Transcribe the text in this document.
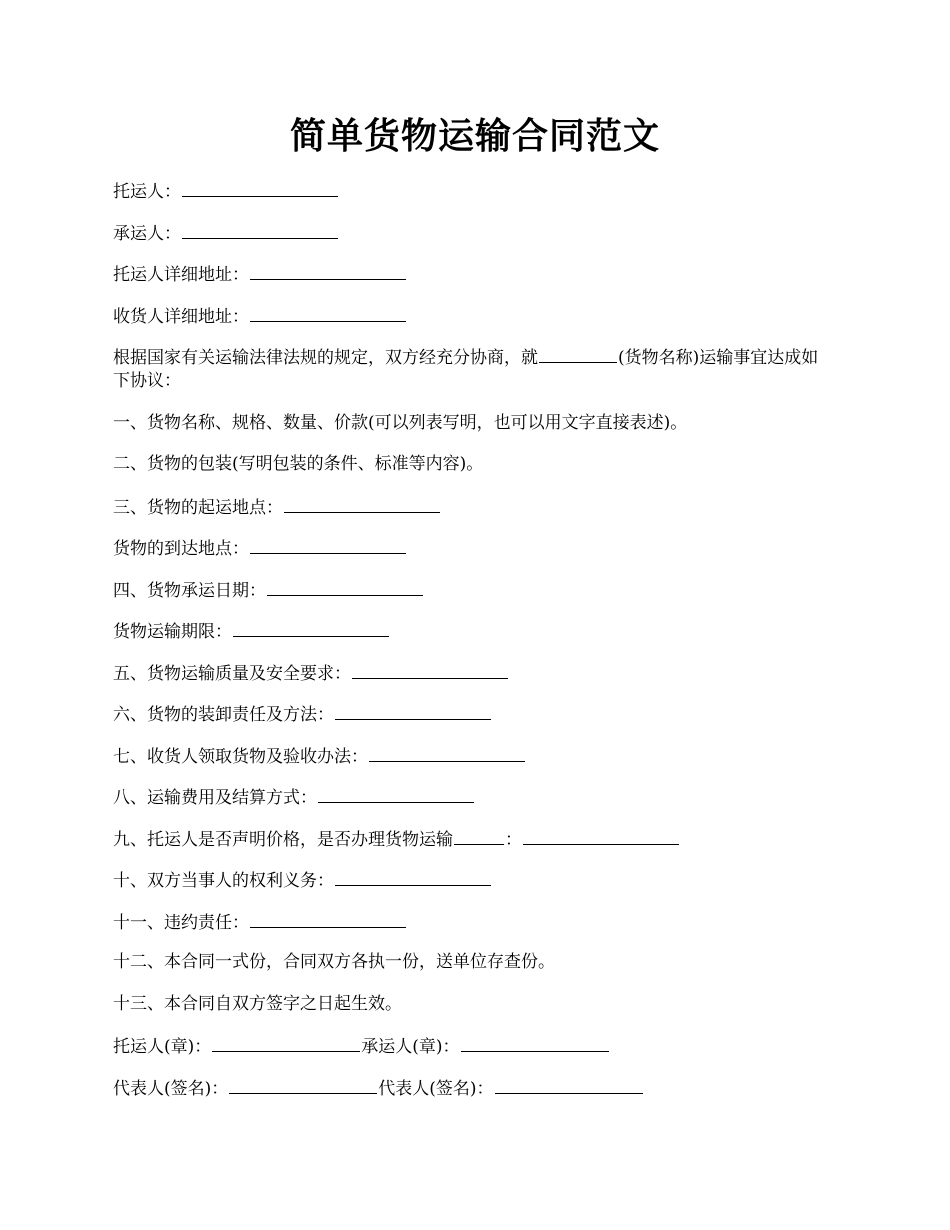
简单货物运输合同范文
托运人：
承运人：
托运人详细地址：
收货人详细地址：
根据国家有关运输法律法规的规定，双方经充分协商，就	(货物名称)运输事宜达成如下协议：
一、货物名称、规格、数量、价款(可以列表写明，也可以用文字直接表述)。
二、货物的包装(写明包装的条件、标准等内容)。
三、货物的起运地点：
货物的到达地点：
四、货物承运日期：
货物运输期限：
五、货物运输质量及安全要求：
六、货物的装卸责任及方法：
七、收货人领取货物及验收办法：
八、运输费用及结算方式：
九、托运人是否声明价格，是否办理货物运输	：
十、双方当事人的权利义务：
十一、违约责任：
十二、本合同一式份，合同双方各执一份，送单位存查份。
十三、本合同自双方签字之日起生效。
托运人(章)：	承运人(章)：
代表人(签名)：	代表人(签名)：
